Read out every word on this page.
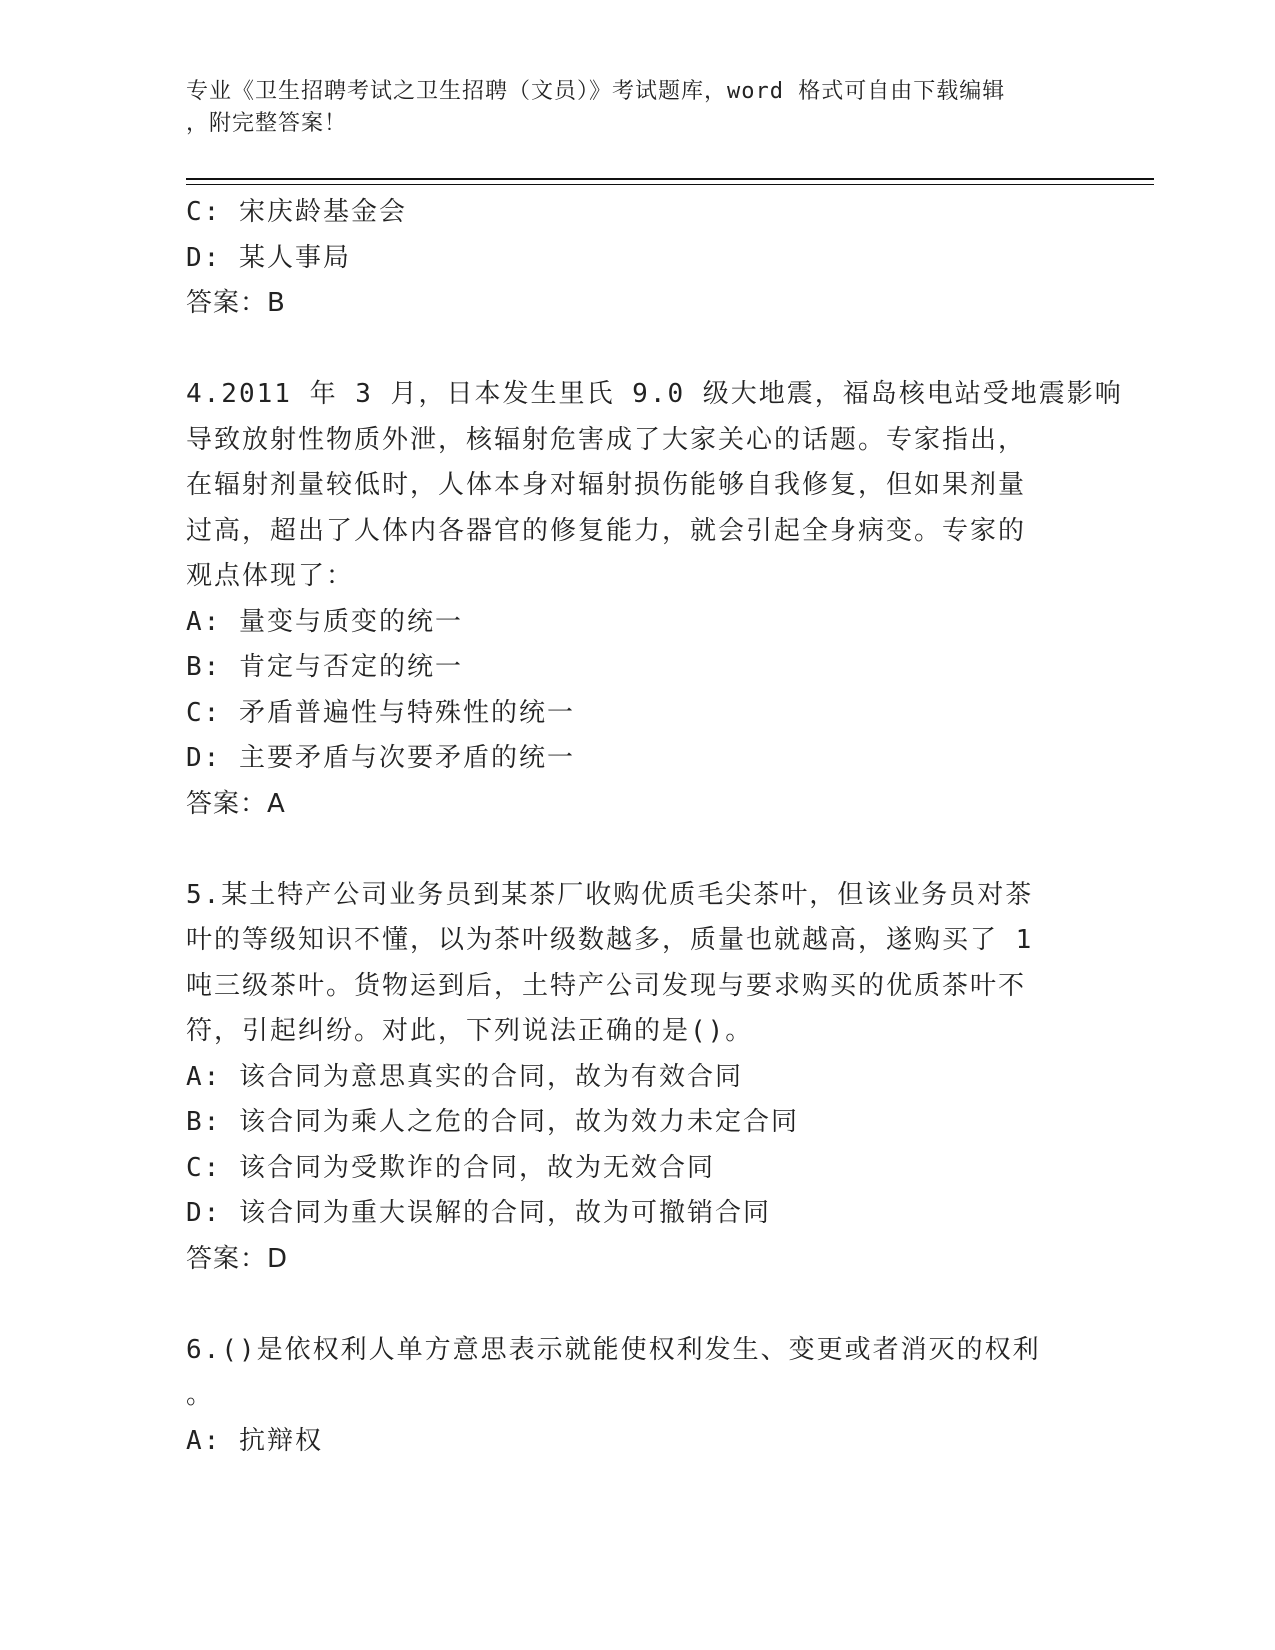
专业《卫生招聘考试之卫生招聘（文员）》考试题库，word 格式可自由下载编辑
，附完整答案！
C: 宋庆龄基金会
D: 某人事局
答案：B
4.2011 年 3 月，日本发生里氏 9.0 级大地震，福岛核电站受地震影响
导致放射性物质外泄，核辐射危害成了大家关心的话题。专家指出，
在辐射剂量较低时，人体本身对辐射损伤能够自我修复，但如果剂量
过高，超出了人体内各器官的修复能力，就会引起全身病变。专家的
观点体现了：
A: 量变与质变的统一
B: 肯定与否定的统一
C: 矛盾普遍性与特殊性的统一
D: 主要矛盾与次要矛盾的统一
答案：A
5.某土特产公司业务员到某茶厂收购优质毛尖茶叶，但该业务员对茶
叶的等级知识不懂，以为茶叶级数越多，质量也就越高，遂购买了 1
吨三级茶叶。货物运到后，土特产公司发现与要求购买的优质茶叶不
符，引起纠纷。对此，下列说法正确的是()。
A: 该合同为意思真实的合同，故为有效合同
B: 该合同为乘人之危的合同，故为效力未定合同
C: 该合同为受欺诈的合同，故为无效合同
D: 该合同为重大误解的合同，故为可撤销合同
答案：D
6.()是依权利人单方意思表示就能使权利发生、变更或者消灭的权利
。
A: 抗辩权
